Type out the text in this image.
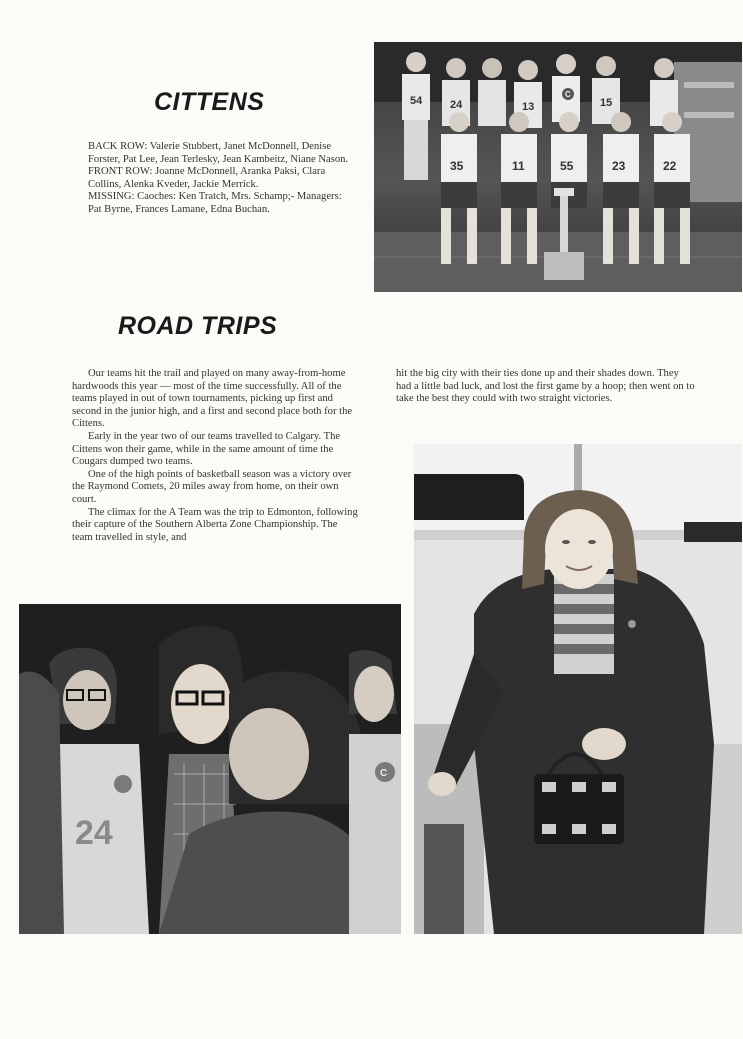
CITTENS

BACK ROW: Valerie Stubbert, Janet McDonnell, Denise Forster, Pat Lee, Jean Terlesky, Jean Kambeitz, Niane Nason.

FRONT ROW: Joanne McDonnell, Aranka Paksi, Clara Collins, Alenka Kveder, Jackie Merrick.

MISSING: Caoches: Ken Tratch, Mrs. Schamp;- Managers: Pat Byrne, Frances Lamane, Edna Buchan.

54	24	13
C
15
35	11	55	23	22
ROAD TRIPS

Our teams hit the trail and played on many away-from-home hardwoods this year — most of the time successfully. All of the teams played in out of town tournaments, picking up first and second in the junior high, and a first and second place both for the Cittens.

Early in the year two of our teams travelled to Calgary. The Cittens won their game, while in the same amount of time the Cougars dumped two teams.

One of the high points of basketball season was a victory over the Raymond Comets, 20 miles away from home, on their own court.

The climax for the A Team was the trip to Edmonton, following their capture of the Southern Alberta Zone Championship. The team travelled in style, and

hit the big city with their ties done up and their shades down. They had a little bad luck, and lost the first game by a hoop; then went on to take the best they could with two straight victories.

24
C
